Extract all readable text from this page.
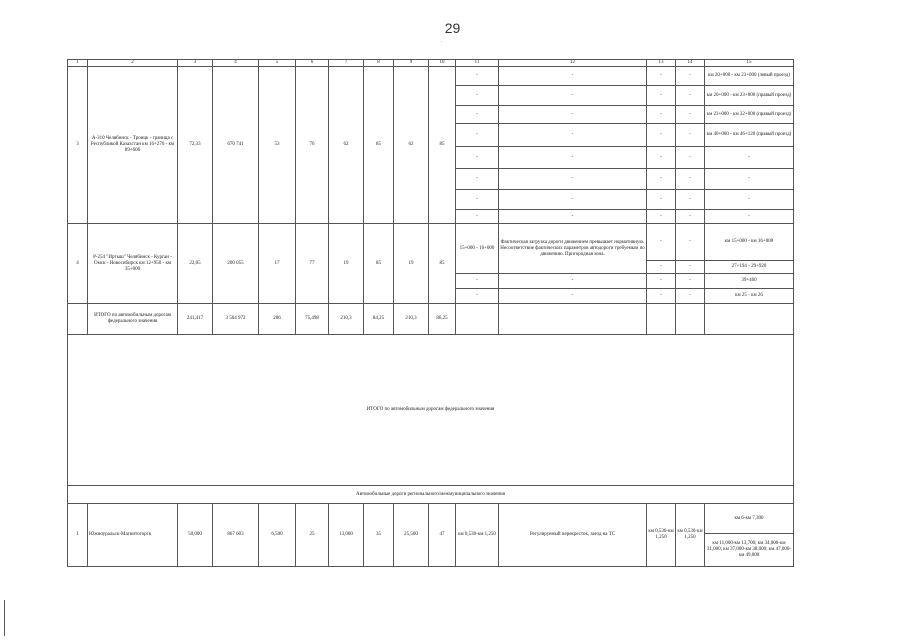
29
.
1	2	3	4	5	6	7	8	9	10	11	12	13	14	15
3	А-310 Челябинск - Троицк - граница с Республикой Казахстан км 16+270 - км 89+606	72,33	670 741	53	76	62	85	62	85	-	-	-	-	км 20+000 - км 23+000 (левый проезд)
										-	-	-	-	км 20+000 - км 23+000 (правый проезд)
										-	-	-	-	км 23+000 - км 32+000 (правый проезд)
										-	-	-	-	км 40+000 - км 46+120 (правый проезд)
										-	-	-	-	-
										-	-	-	-	-
										-	-	-	-	-
										-	-	-	-	-
4	Р-254 "Иртыш" Челябинск - Курган - Омск - Новосибирск км 12+950 - км 35+000	22,05	200 055	17	77	19	85	19	85	15+000 - 16+000	Фактическая загрузка дороги движением превышает нормативную. Несоответствие фактических параметров автодороги требуемым по движению. Пригородная зона.	-	-	км 15+000 - км 16+000
												-	-	27+194 - 29+920
										-	-	-	-	39+460
										-	-	-	-	км 25 - км 26
	ИТОГО по автомобильным дорогам федерального значения	241,417	3 564 972	206	75,498	210,3	84,25	210,3	86,25					
ИТОГО по автомобильным дорогам федерального значения														
Автомобильные дороги регионального/межмуниципального значения														
1	Южноуральск-Магнитогорск	50,000	867 603	6,500	25	13,000	35	25,500	47	км 0,530-км 1,250	Регулируемый перекресток, заезд на ТС	км 0,530-км 1,250	км 0,530-км 1,250	км 6-км 7,300
														км 11,000-км 13,700; км 34,000-км 31,000; км 37,000-км 38,000; км 47,000-км 49,000
